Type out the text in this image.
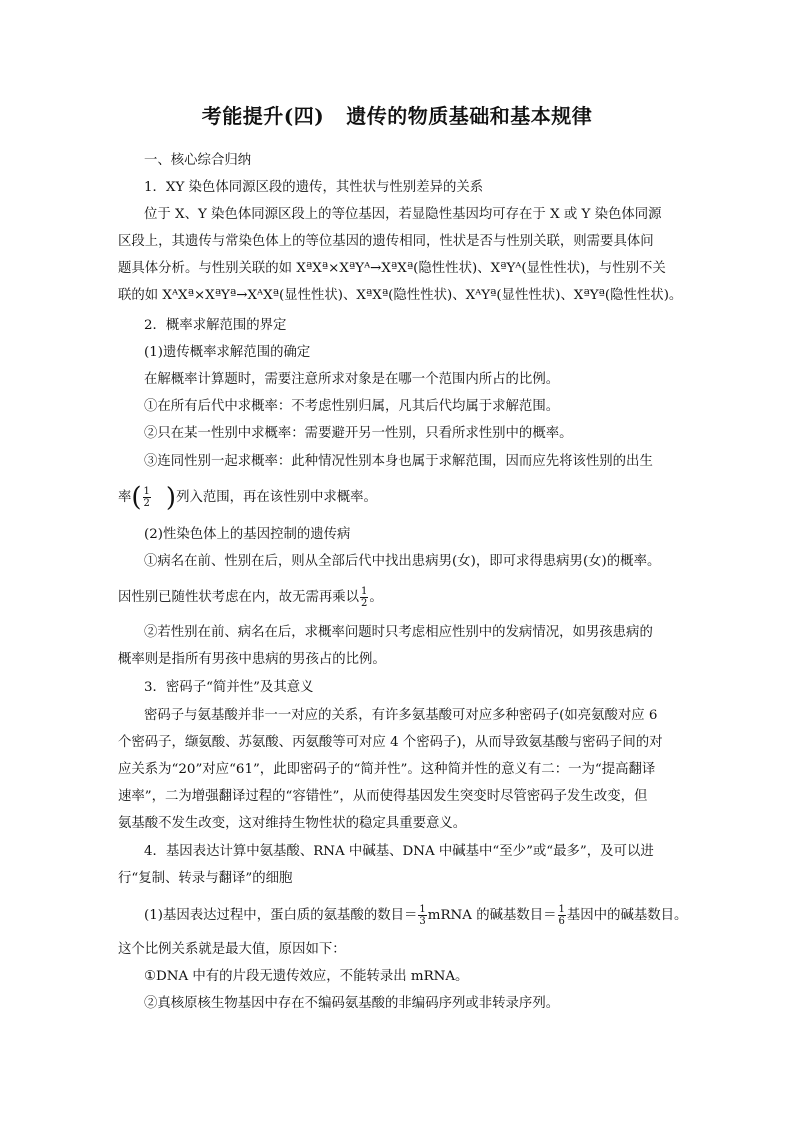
考能提升(四) 遗传的物质基础和基本规律
一、核心综合归纳
1．XY 染色体同源区段的遗传，其性状与性别差异的关系
位于 X、Y 染色体同源区段上的等位基因，若显隐性基因均可存在于 X 或 Y 染色体同源
区段上，其遗传与常染色体上的等位基因的遗传相同，性状是否与性别关联，则需要具体问
题具体分析。与性别关联的如 XªXª×XªYᴬ→XªXª(隐性性状)、XªYᴬ(显性性状)，与性别不关
联的如 XᴬXª×XªYª→XᴬXª(显性性状)、XªXª(隐性性状)、XᴬYª(显性性状)、XªYª(隐性性状)。
2．概率求解范围的界定
(1)遗传概率求解范围的确定
在解概率计算题时，需要注意所求对象是在哪一个范围内所占的比例。
①在所有后代中求概率：不考虑性别归属，凡其后代均属于求解范围。
②只在某一性别中求概率：需要避开另一性别，只看所求性别中的概率。
③连同性别一起求概率：此种情况性别本身也属于求解范围，因而应先将该性别的出生
率( $\frac{1}{2}$ )列入范围，再在该性别中求概率。
(2)性染色体上的基因控制的遗传病
①病名在前、性别在后，则从全部后代中找出患病男(女)，即可求得患病男(女)的概率。
因性别已随性状考虑在内，故无需再乘以 $\frac{1}{2}$ 。
②若性别在前、病名在后，求概率问题时只考虑相应性别中的发病情况，如男孩患病的
概率则是指所有男孩中患病的男孩占的比例。
3．密码子“简并性”及其意义
密码子与氨基酸并非一一对应的关系，有许多氨基酸可对应多种密码子(如亮氨酸对应 6
个密码子，缬氨酸、苏氨酸、丙氨酸等可对应 4 个密码子)，从而导致氨基酸与密码子间的对
应关系为“20”对应“61”，此即密码子的“简并性”。这种简并性的意义有二：一为“提高翻译
速率”，二为增强翻译过程的“容错性”，从而使得基因发生突变时尽管密码子发生改变，但
氨基酸不发生改变，这对维持生物性状的稳定具重要意义。
4．基因表达计算中氨基酸、RNA 中碱基、DNA 中碱基中“至少”或“最多”，及可以进
行“复制、转录与翻译”的细胞
(1)基因表达过程中，蛋白质的氨基酸的数目＝ $\frac{1}{3}$ mRNA 的碱基数目＝ $\frac{1}{6}$ 基因中的碱基数目。
这个比例关系就是最大值，原因如下：
①DNA 中有的片段无遗传效应，不能转录出 mRNA。
②真核原核生物基因中存在不编码氨基酸的非编码序列或非转录序列。
